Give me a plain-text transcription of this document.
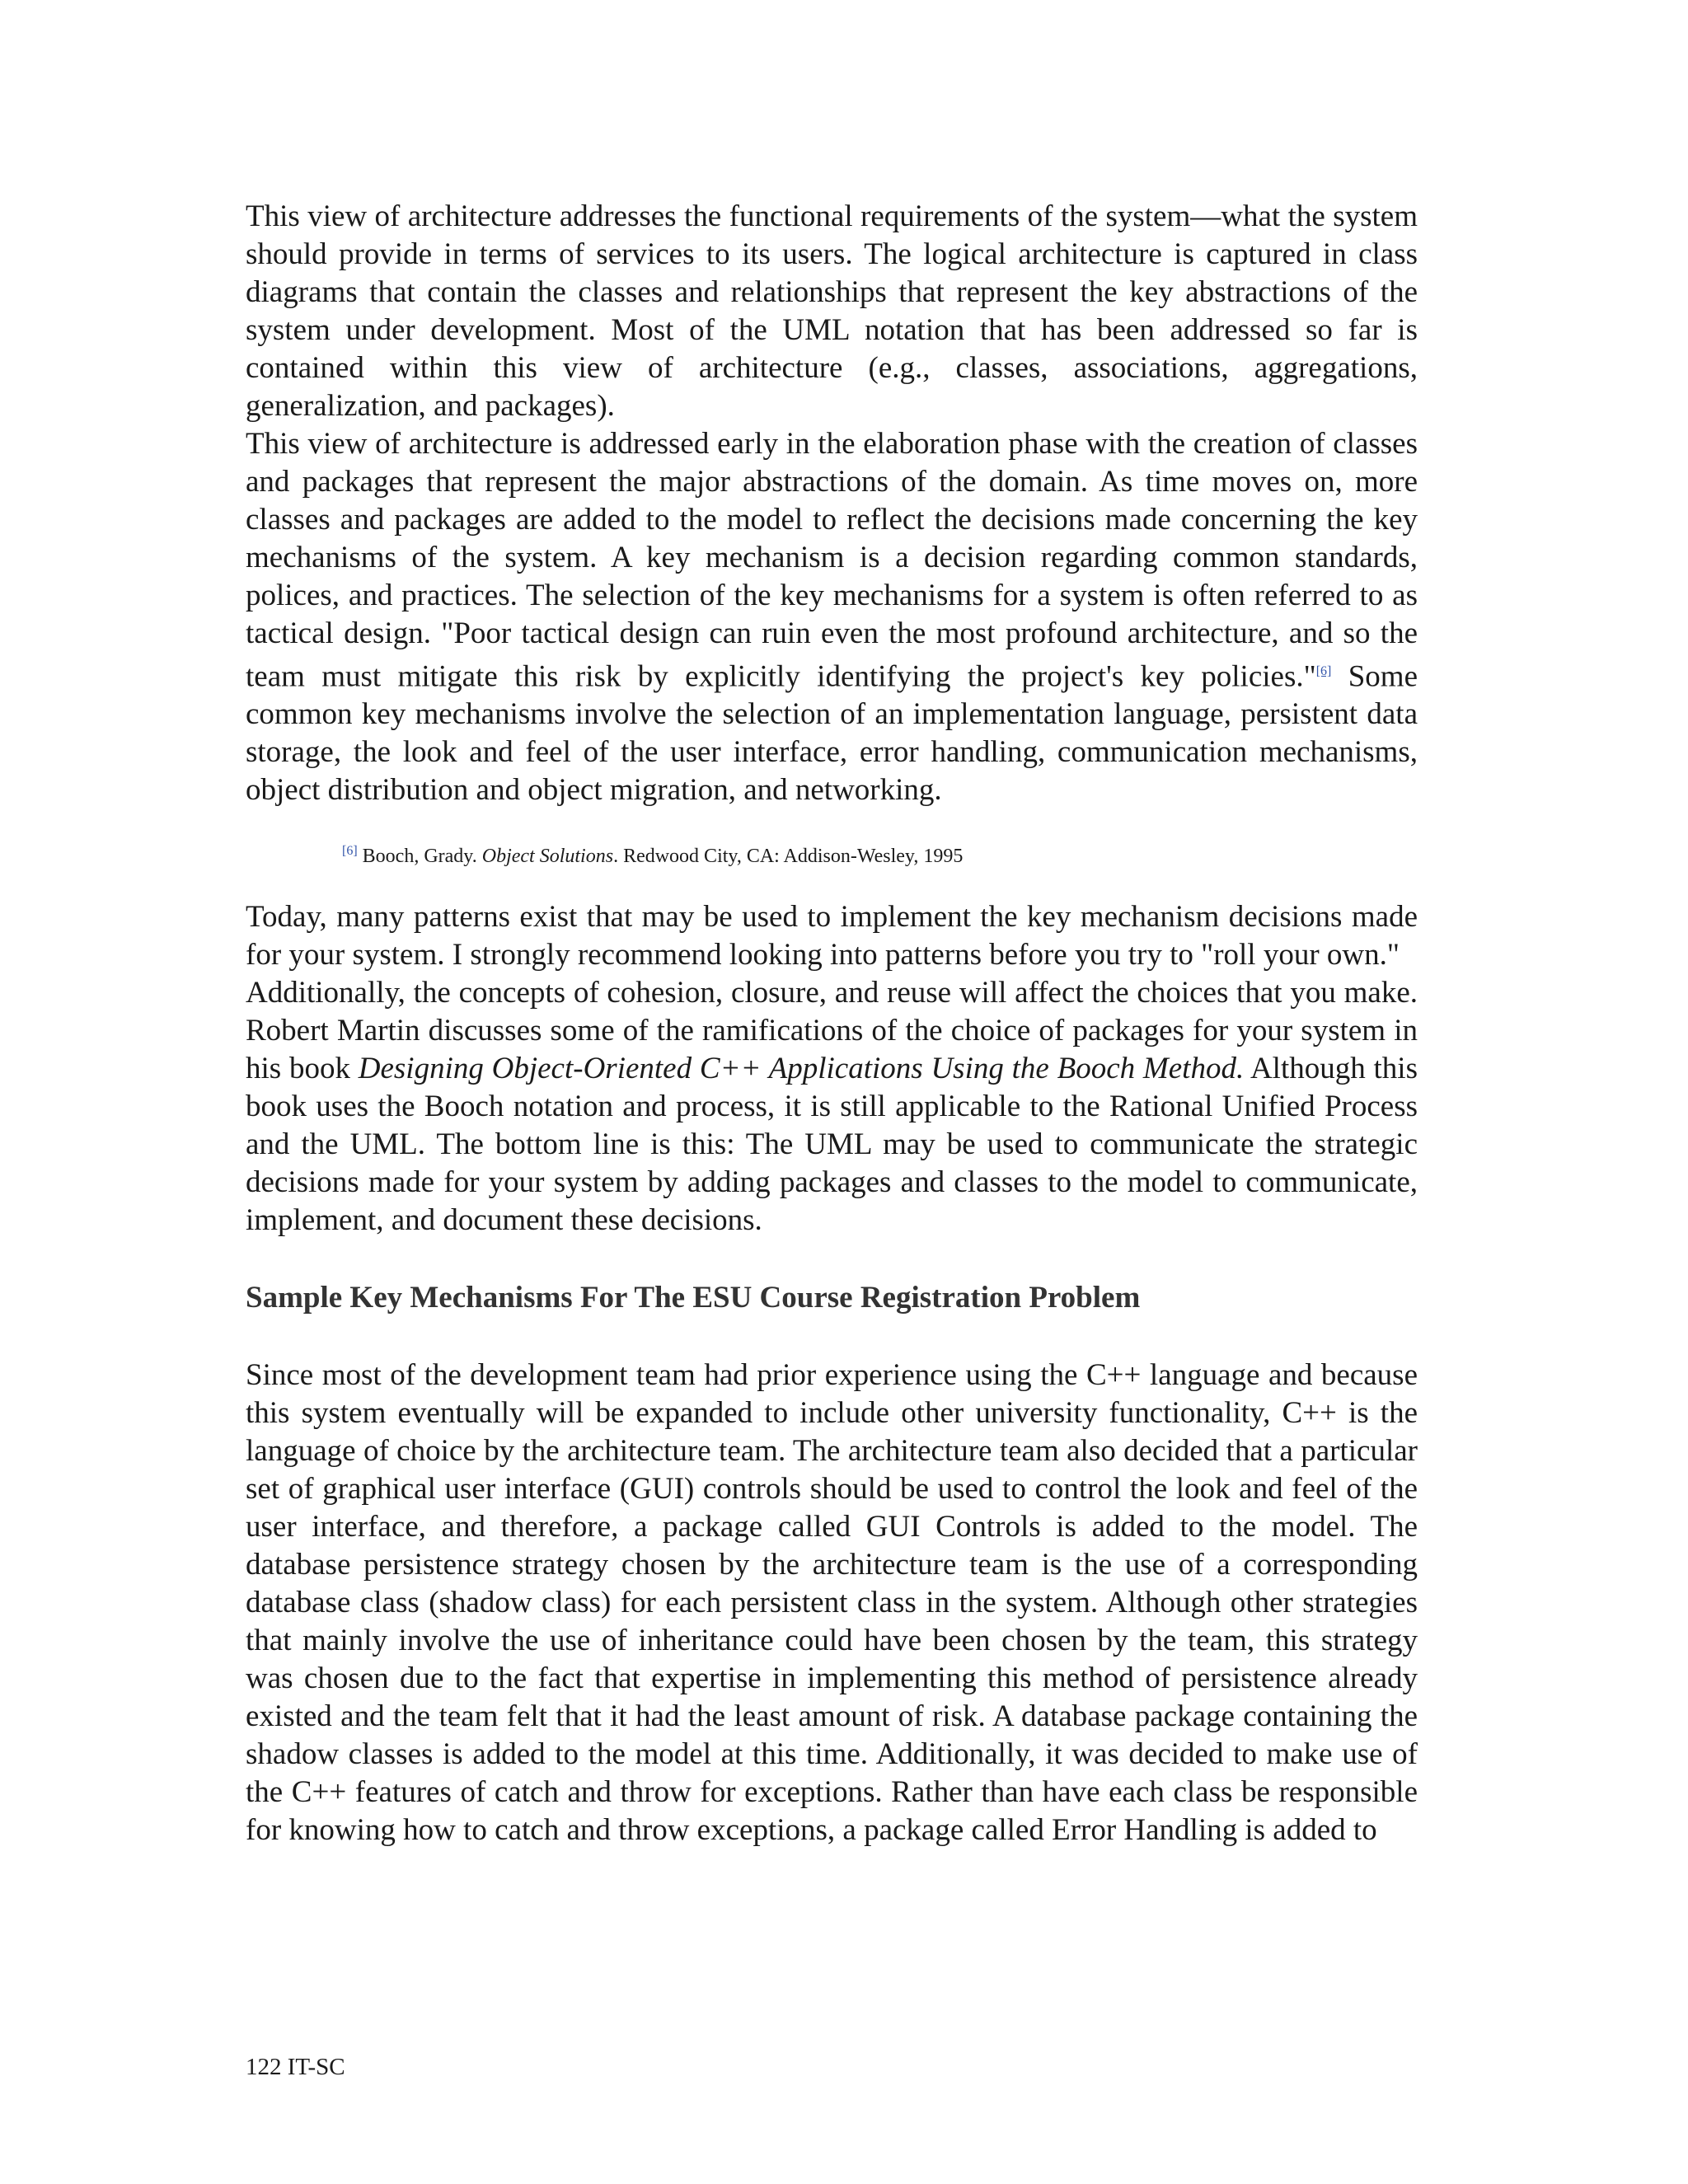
This view of architecture addresses the functional requirements of the system—what the system should provide in terms of services to its users. The logical architecture is captured in class diagrams that contain the classes and relationships that represent the key abstractions of the system under development. Most of the UML notation that has been addressed so far is contained within this view of architecture (e.g., classes, associations, aggregations, generalization, and packages).

This view of architecture is addressed early in the elaboration phase with the creation of classes and packages that represent the major abstractions of the domain. As time moves on, more classes and packages are added to the model to reflect the decisions made concerning the key mechanisms of the system. A key mechanism is a decision regarding common standards, polices, and practices. The selection of the key mechanisms for a system is often referred to as tactical design. "Poor tactical design can ruin even the most profound architecture, and so the team must mitigate this risk by explicitly identifying the project's key policies."[6] Some common key mechanisms involve the selection of an implementation language, persistent data storage, the look and feel of the user interface, error handling, communication mechanisms, object distribution and object migration, and networking.

[6] Booch, Grady. Object Solutions. Redwood City, CA: Addison-Wesley, 1995

Today, many patterns exist that may be used to implement the key mechanism decisions made for your system. I strongly recommend looking into patterns before you try to "roll your own."

Additionally, the concepts of cohesion, closure, and reuse will affect the choices that you make. Robert Martin discusses some of the ramifications of the choice of packages for your system in his book Designing Object-Oriented C++ Applications Using the Booch Method. Although this book uses the Booch notation and process, it is still applicable to the Rational Unified Process and the UML. The bottom line is this: The UML may be used to communicate the strategic decisions made for your system by adding packages and classes to the model to communicate, implement, and document these decisions.

Sample Key Mechanisms For The ESU Course Registration Problem

Since most of the development team had prior experience using the C++ language and because this system eventually will be expanded to include other university functionality, C++ is the language of choice by the architecture team. The architecture team also decided that a particular set of graphical user interface (GUI) controls should be used to control the look and feel of the user interface, and therefore, a package called GUI Controls is added to the model. The database persistence strategy chosen by the architecture team is the use of a corresponding database class (shadow class) for each persistent class in the system. Although other strategies that mainly involve the use of inheritance could have been chosen by the team, this strategy was chosen due to the fact that expertise in implementing this method of persistence already existed and the team felt that it had the least amount of risk. A database package containing the shadow classes is added to the model at this time. Additionally, it was decided to make use of the C++ features of catch and throw for exceptions. Rather than have each class be responsible for knowing how to catch and throw exceptions, a package called Error Handling is added to

122 IT-SC
